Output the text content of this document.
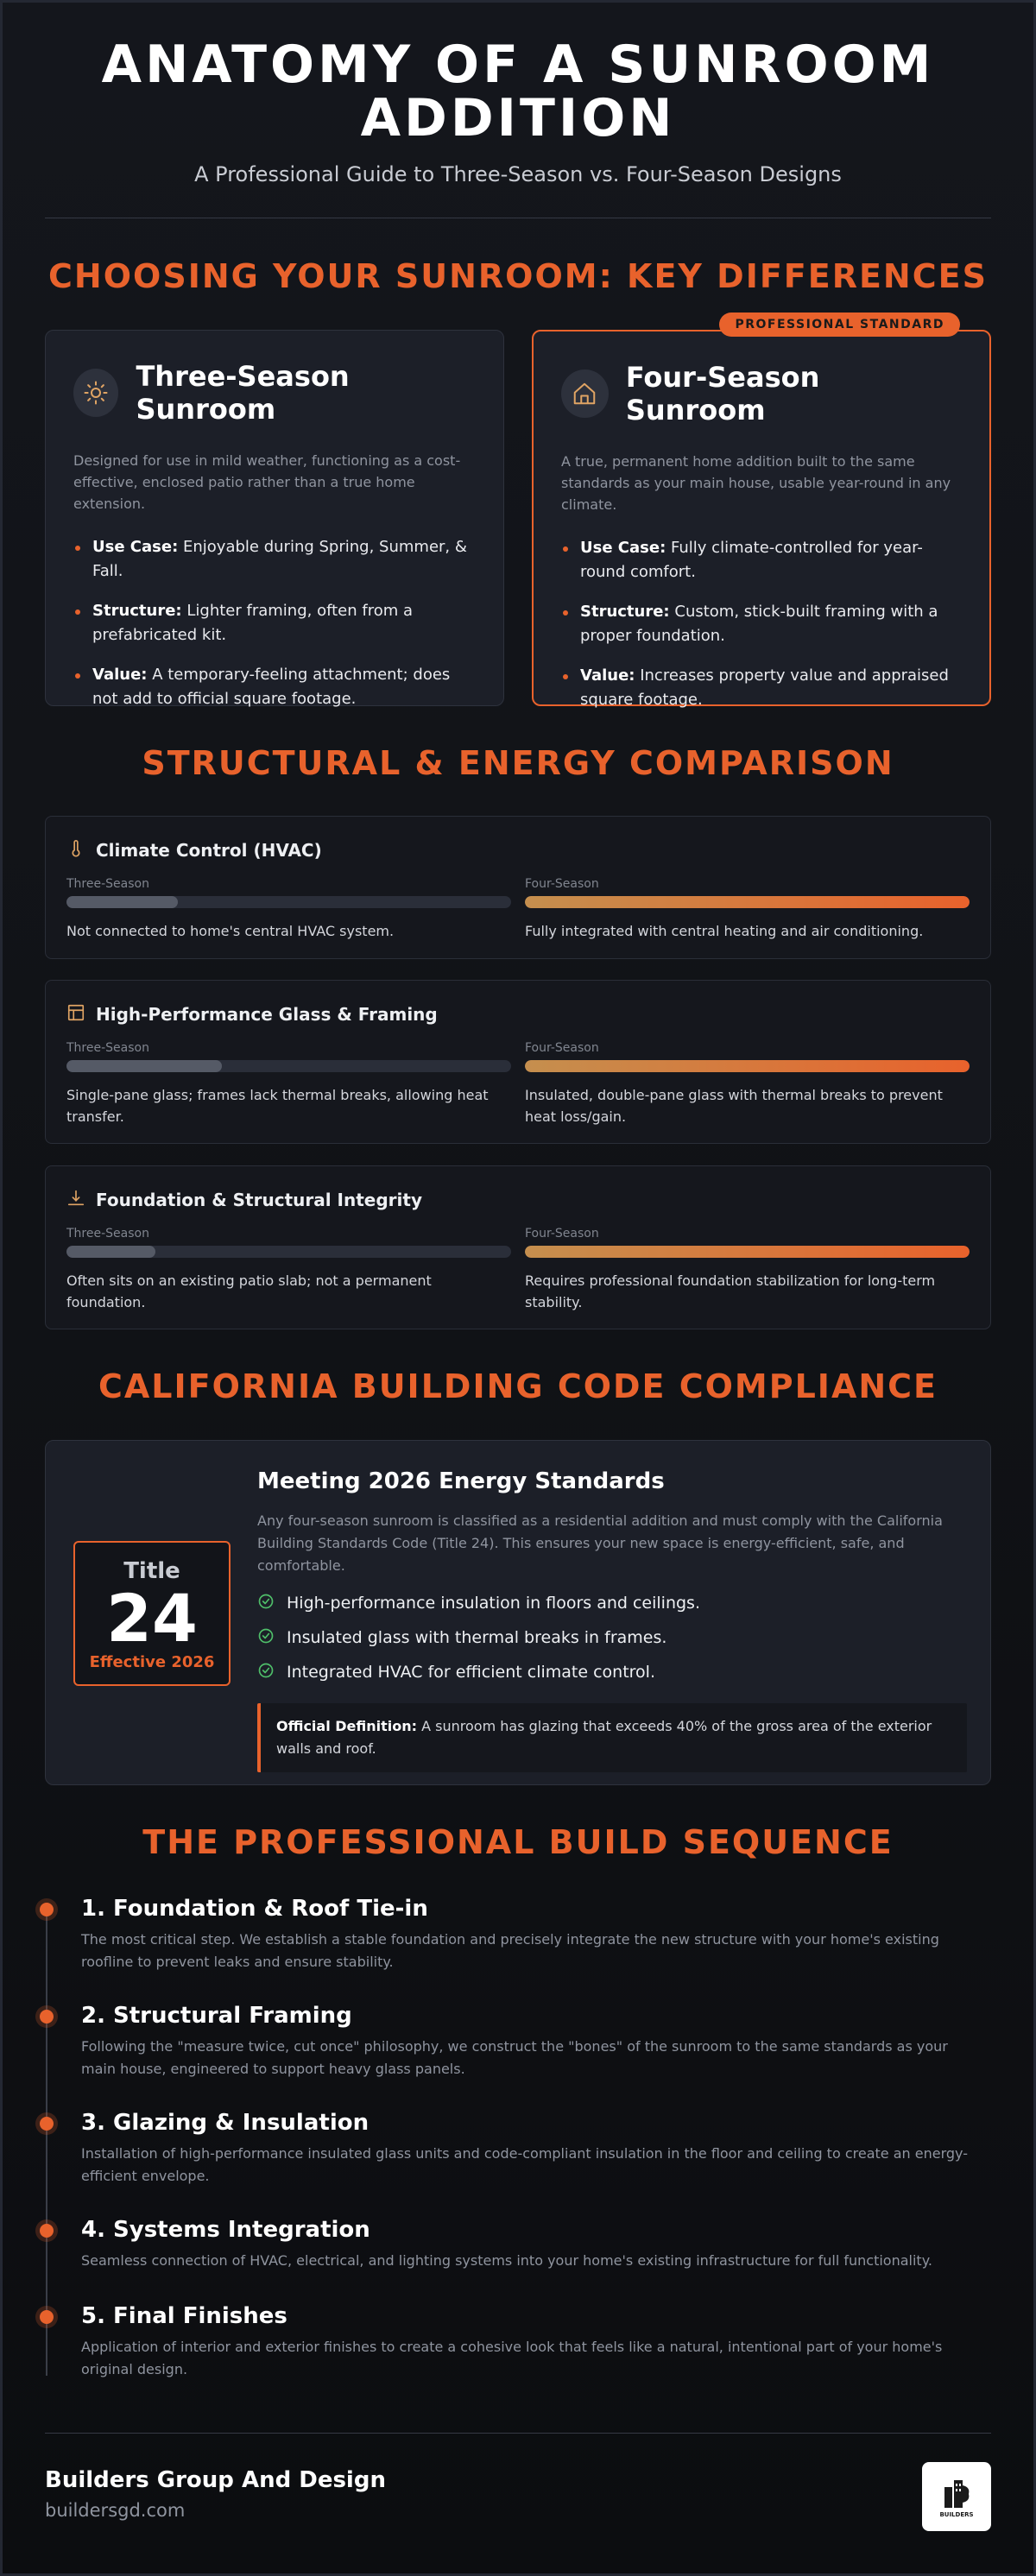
ANATOMY OF A SUNROOM ADDITION
A Professional Guide to Three-Season vs. Four-Season Designs
CHOOSING YOUR SUNROOM: KEY DIFFERENCES
Three-Season Sunroom
Designed for use in mild weather, functioning as a cost-effective, enclosed patio rather than a true home extension.
Use Case: Enjoyable during Spring, Summer, & Fall.
Structure: Lighter framing, often from a prefabricated kit.
Value: A temporary-feeling attachment; does not add to official square footage.
PROFESSIONAL STANDARD
Four-Season Sunroom
A true, permanent home addition built to the same standards as your main house, usable year-round in any climate.
Use Case: Fully climate-controlled for year-round comfort.
Structure: Custom, stick-built framing with a proper foundation.
Value: Increases property value and appraised square footage.
STRUCTURAL & ENERGY COMPARISON
Climate Control (HVAC)
Three-Season
Not connected to home's central HVAC system.
Four-Season
Fully integrated with central heating and air conditioning.
High-Performance Glass & Framing
Three-Season
Single-pane glass; frames lack thermal breaks, allowing heat transfer.
Four-Season
Insulated, double-pane glass with thermal breaks to prevent heat loss/gain.
Foundation & Structural Integrity
Three-Season
Often sits on an existing patio slab; not a permanent foundation.
Four-Season
Requires professional foundation stabilization for long-term stability.
CALIFORNIA BUILDING CODE COMPLIANCE
Title
24
Effective 2026
Meeting 2026 Energy Standards
Any four-season sunroom is classified as a residential addition and must comply with the California Building Standards Code (Title 24). This ensures your new space is energy-efficient, safe, and comfortable.
High-performance insulation in floors and ceilings.
Insulated glass with thermal breaks in frames.
Integrated HVAC for efficient climate control.
Official Definition: A sunroom has glazing that exceeds 40% of the gross area of the exterior walls and roof.
THE PROFESSIONAL BUILD SEQUENCE
1. Foundation & Roof Tie-in
The most critical step. We establish a stable foundation and precisely integrate the new structure with your home's existing roofline to prevent leaks and ensure stability.
2. Structural Framing
Following the "measure twice, cut once" philosophy, we construct the "bones" of the sunroom to the same standards as your main house, engineered to support heavy glass panels.
3. Glazing & Insulation
Installation of high-performance insulated glass units and code-compliant insulation in the floor and ceiling to create an energy-efficient envelope.
4. Systems Integration
Seamless connection of HVAC, electrical, and lighting systems into your home's existing infrastructure for full functionality.
5. Final Finishes
Application of interior and exterior finishes to create a cohesive look that feels like a natural, intentional part of your home's original design.
Builders Group And Design
buildersgd.com	BUILDERS
